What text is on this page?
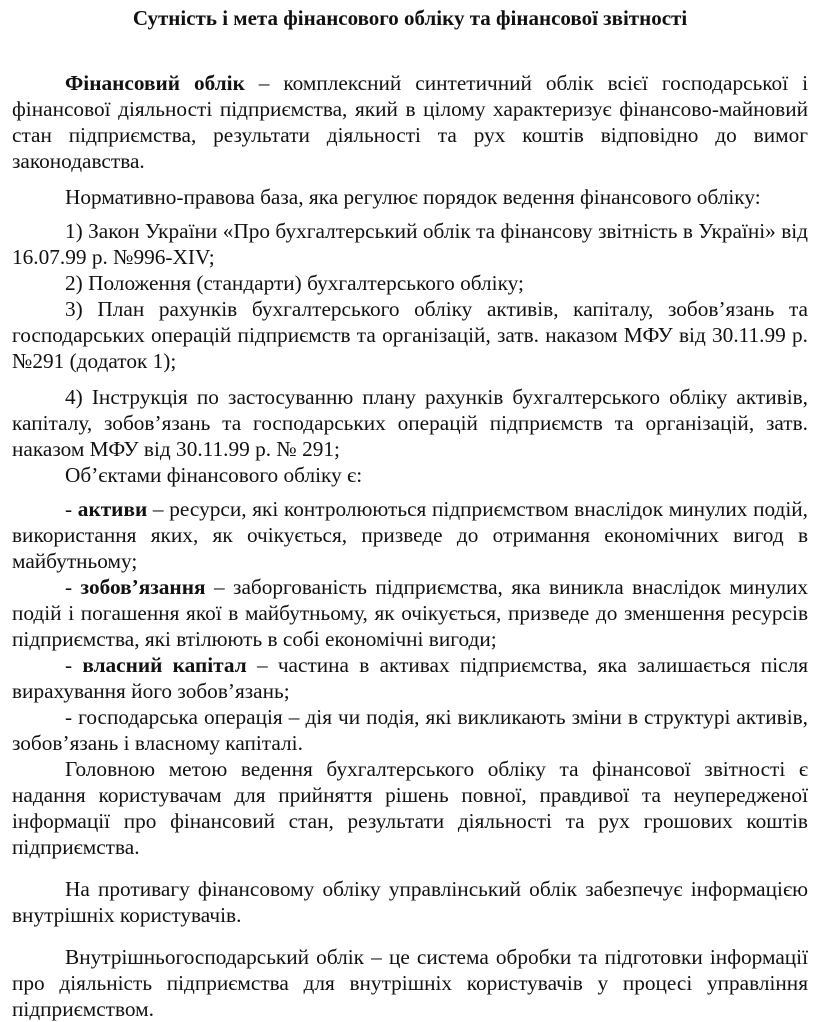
Сутність і мета фінансового обліку та фінансової звітності

Фінансовий облік – комплексний синтетичний облік всієї господарської і фінансової діяльності підприємства, який в цілому характеризує фінансово-майновий стан підприємства, результати діяльності та рух коштів відповідно до вимог законодавства.

Нормативно-правова база, яка регулює порядок ведення фінансового обліку:

1) Закон України «Про бухгалтерський облік та фінансову звітність в Україні» від 16.07.99 р. №996-XIV;

2) Положення (стандарти) бухгалтерського обліку;

3) План рахунків бухгалтерського обліку активів, капіталу, зобов’язань та господарських операцій підприємств та організацій, затв. наказом МФУ від 30.11.99 р.№291 (додаток 1);

4) Інструкція по застосуванню плану рахунків бухгалтерського обліку активів, капіталу, зобов’язань та господарських операцій підприємств та організацій, затв. наказом МФУ від 30.11.99 р. № 291;

Об’єктами фінансового обліку є:

- активи – ресурси, які контролюються підприємством внаслідок минулих подій, використання яких, як очікується, призведе до отримання економічних вигод в майбутньому;

- зобов’язання – заборгованість підприємства, яка виникла внаслідок минулих подій і погашення якої в майбутньому, як очікується, призведе до зменшення ресурсів підприємства, які втілюють в собі економічні вигоди;

- власний капітал – частина в активах підприємства, яка залишається після вирахування його зобов’язань;

- господарська операція – дія чи подія, які викликають зміни в структурі активів, зобов’язань і власному капіталі.

Головною метою ведення бухгалтерського обліку та фінансової звітності є надання користувачам для прийняття рішень повної, правдивої та неупередженої інформації про фінансовий стан, результати діяльності та рух грошових коштів підприємства.

На противагу фінансовому обліку управлінський облік забезпечує інформацією внутрішніх користувачів.

Внутрішньогосподарський облік – це система обробки та підготовки інформації про діяльність підприємства для внутрішніх користувачів у процесі управління підприємством.
